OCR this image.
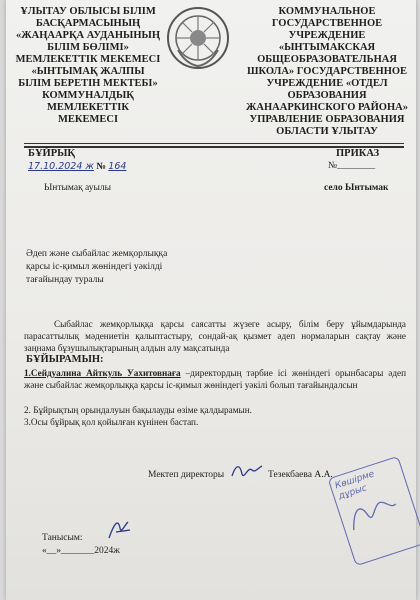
ҰЛЫТАУ ОБЛЫСЫ БІЛІМ
БАСҚАРМАСЫНЫҢ
«ЖАҢААРҚА АУДАНЫНЫҢ
БІЛІМ БӨЛІМІ»
МЕМЛЕКЕТТІК МЕКЕМЕСІ
«ЫНТЫМАҚ ЖАЛПЫ
БІЛІМ БЕРЕТІН МЕКТЕБІ»
КОММУНАЛДЫҚ
МЕМЛЕКЕТТІК
МЕКЕМЕСІ
КОММУНАЛЬНОЕ
ГОСУДАРСТВЕННОЕ
УЧРЕЖДЕНИЕ
«ЫНТЫМАКСКАЯ
ОБЩЕОБРАЗОВАТЕЛЬНАЯ
ШКОЛА» ГОСУДАРСТВЕННОЕ
УЧРЕЖДЕНИЕ «ОТДЕЛ
ОБРАЗОВАНИЯ
ЖАНААРКИНСКОГО РАЙОНА»
УПРАВЛЕНИЕ ОБРАЗОВАНИЯ
ОБЛАСТИ ҰЛЫТАУ
БҰЙРЫҚ	ПРИКАЗ
17.10.2024 ж № 164	№________
Ынтымақ ауылы	село Ынтымак
Әдеп және сыбайлас жемқорлыққа
қарсы іс-қимыл жөніндегі уәкілді
тағайындау туралы
Сыбайлас жемқорлыққа қарсы саясатты жүзеге асыру, білім беру ұйымдарында парасаттылық мәдениетін қалыптастыру, сондай-ақ қызмет әдеп нормаларын сақтау және заңнама бұзушылықтарының алдын алу мақсатында
БҰЙЫРАМЫН:
1.Сейдуалина Айткуль Уахитовнаға –директордың тәрбие ісі жөніндегі орынбасары әдеп және сыбайлас жемқорлыққа қарсы іс-қимыл жөніндегі уәкілі болып тағайындалсын
2. Бұйрықтың орындалуын бақылауды өзіме қалдырамын.
3.Осы бұйрық қол қойылған күнінен бастап.
Мектеп директоры	Тезекбаева А.А.
Танысым:
«__»_______2024ж
Көшірме дұрыс
